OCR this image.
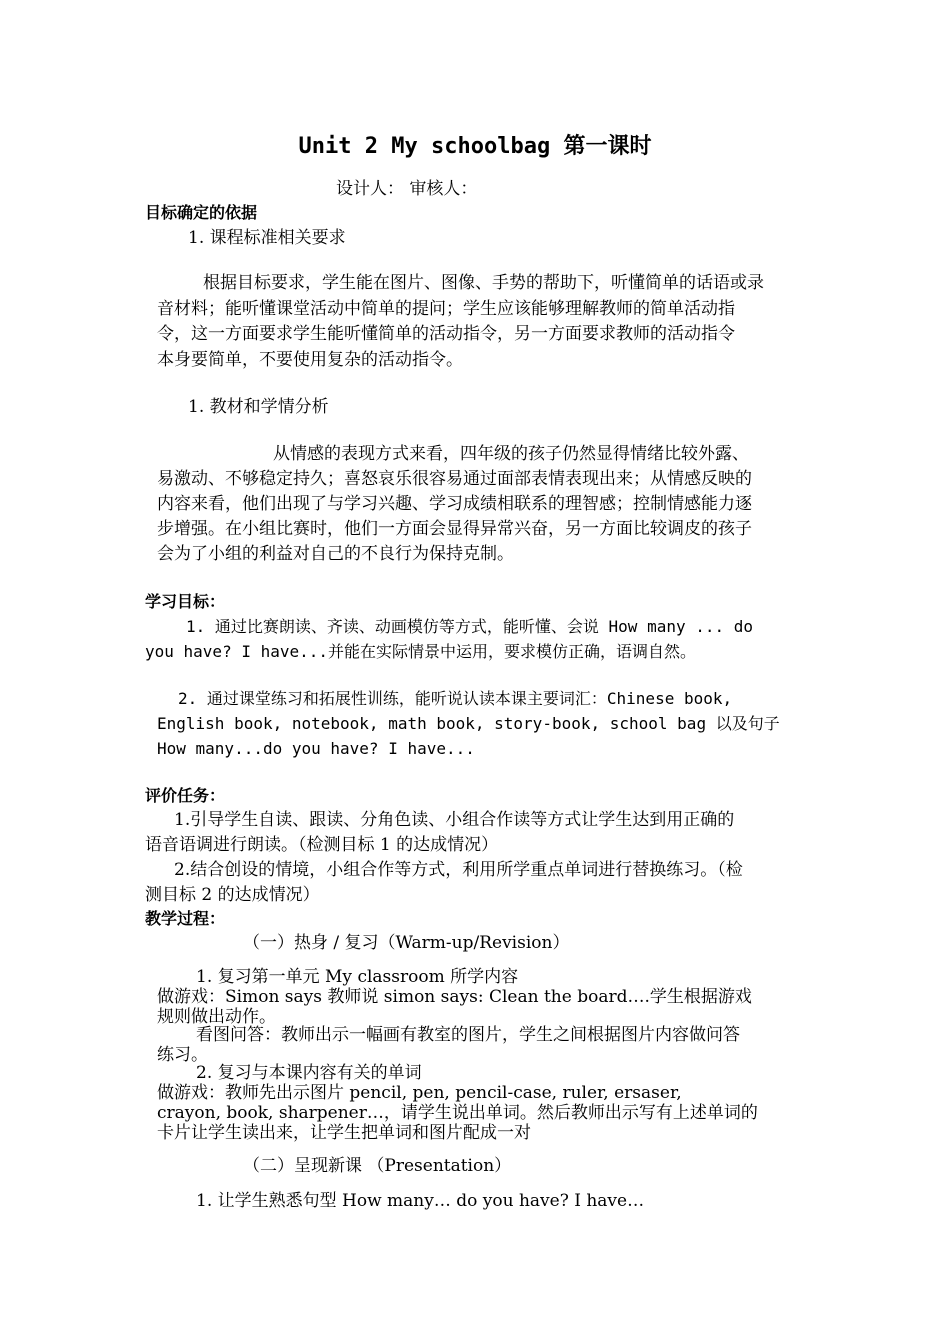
Unit 2 My schoolbag 第一课时
设计人： 审核人：
目标确定的依据
1. 课程标准相关要求
根据目标要求，学生能在图片、图像、手势的帮助下，听懂简单的话语或录
音材料；能听懂课堂活动中简单的提问；学生应该能够理解教师的简单活动指
令，这一方面要求学生能听懂简单的活动指令，另一方面要求教师的活动指令
本身要简单，不要使用复杂的活动指令。
1. 教材和学情分析
从情感的表现方式来看，四年级的孩子仍然显得情绪比较外露、
易激动、不够稳定持久；喜怒哀乐很容易通过面部表情表现出来；从情感反映的
内容来看，他们出现了与学习兴趣、学习成绩相联系的理智感；控制情感能力逐
步增强。在小组比赛时，他们一方面会显得异常兴奋，另一方面比较调皮的孩子
会为了小组的利益对自己的不良行为保持克制。
学习目标：
1. 通过比赛朗读、齐读、动画模仿等方式，能听懂、会说 How many ... do
you have? I have...并能在实际情景中运用，要求模仿正确，语调自然。
2. 通过课堂练习和拓展性训练，能听说认读本课主要词汇：Chinese book,
English book, notebook, math book, story-book, school bag 以及句子
How many...do you have? I have...
评价任务：
1.引导学生自读、跟读、分角色读、小组合作读等方式让学生达到用正确的
语音语调进行朗读。（检测目标 1 的达成情况）
2.结合创设的情境，小组合作等方式，利用所学重点单词进行替换练习。（检
测目标 2 的达成情况）
教学过程：
（一）热身 / 复习（Warm-up/Revision）
1. 复习第一单元 My classroom 所学内容
做游戏：Simon says 教师说 simon says: Clean the board….学生根据游戏
规则做出动作。
看图问答：教师出示一幅画有教室的图片，学生之间根据图片内容做问答
练习。
2. 复习与本课内容有关的单词
做游戏：教师先出示图片 pencil, pen, pencil-case, ruler, ersaser,
crayon, book, sharpener…，请学生说出单词。然后教师出示写有上述单词的
卡片让学生读出来，让学生把单词和图片配成一对
（二）呈现新课 （Presentation）
1. 让学生熟悉句型 How many… do you have? I have…
